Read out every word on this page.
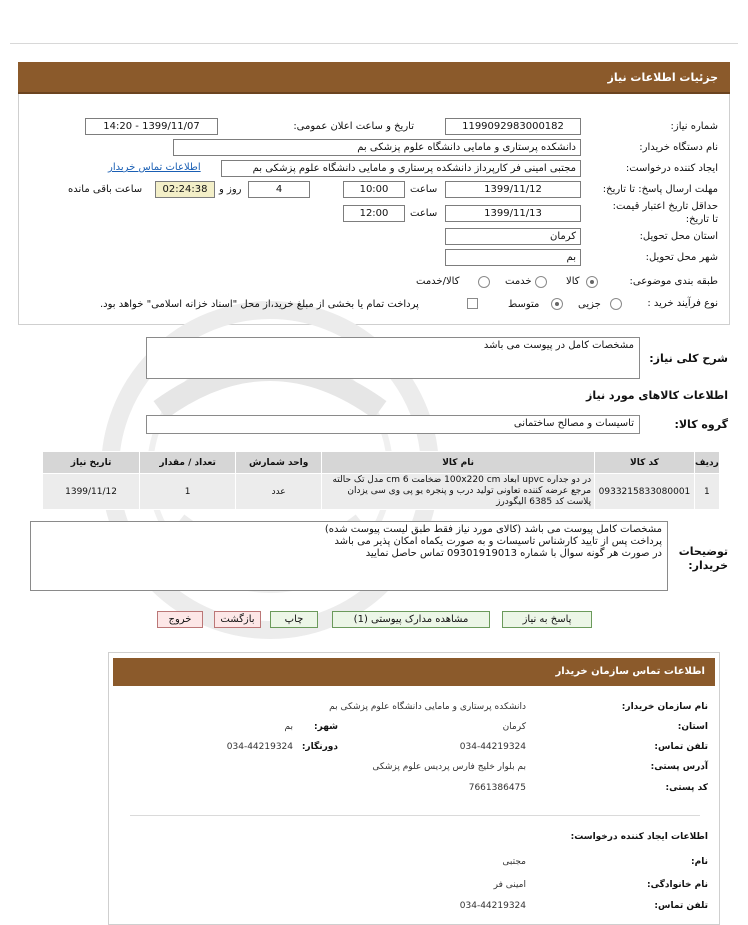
جزئیات اطلاعات نیاز
شماره نیاز:
1199092983000182
تاریخ و ساعت اعلان عمومی:
1399/11/07 - 14:20
نام دستگاه خریدار:
دانشکده پرستاری و مامایی دانشگاه علوم پزشکی بم
ایجاد کننده درخواست:
مجتبی امینی فر کارپرداز دانشکده پرستاری و مامایی دانشگاه علوم پزشکی بم
اطلاعات تماس خریدار
مهلت ارسال پاسخ: تا تاریخ:
1399/11/12
ساعت
10:00
4
روز و
02:24:38
ساعت باقی مانده
حداقل تاریخ اعتبار قیمت: تا تاریخ:
1399/11/13
ساعت
12:00
استان محل تحویل:
کرمان
شهر محل تحویل:
بم
طبقه بندی موضوعی:
کالا
خدمت
کالا/خدمت
نوع فرآیند خرید :
جزیی
متوسط
پرداخت تمام یا بخشی از مبلغ خرید،از محل "اسناد خزانه اسلامی" خواهد بود.
شرح کلی نیاز:
مشخصات کامل در پیوست می باشد
اطلاعات کالاهای مورد نیاز
گروه کالا:
تاسیسات و مصالح ساختمانی
ردیف	کد کالا	نام کالا	واحد شمارش	تعداد / مقدار	تاریخ نیاز
1	0933215833080001	در دو جداره upvc ابعاد 100x220 cm ضخامت 6 cm مدل تک حالته مرجع عرضه کننده تعاونی تولید درب و پنجره یو پی وی سی یزدان پلاست کد 6385 الیگودرز	عدد	1	1399/11/12
توضیحات خریدار:
مشخصات کامل پیوست می باشد (کالای مورد نیاز فقط طبق لیست پیوست شده)
پرداخت پس از تایید کارشناس تاسیسات و به صورت یکماه امکان پذیر می باشد
در صورت هر گونه سوال با شماره 09301919013 تماس حاصل نمایید
پاسخ به نیاز
مشاهده مدارک پیوستی (1)
چاپ
بازگشت
خروج
اطلاعات تماس سازمان خریدار
نام سازمان خریدار:
دانشکده پرستاری و مامایی دانشگاه علوم پزشکی بم
استان:
کرمان
شهر:
بم
تلفن تماس:
034-44219324
دورنگار:
034-44219324
آدرس پستی:
بم بلوار خلیج فارس پردیس علوم پزشکی
کد پستی:
7661386475
اطلاعات ایجاد کننده درخواست:
نام:
مجتبی
نام خانوادگی:
امینی فر
تلفن تماس:
034-44219324
